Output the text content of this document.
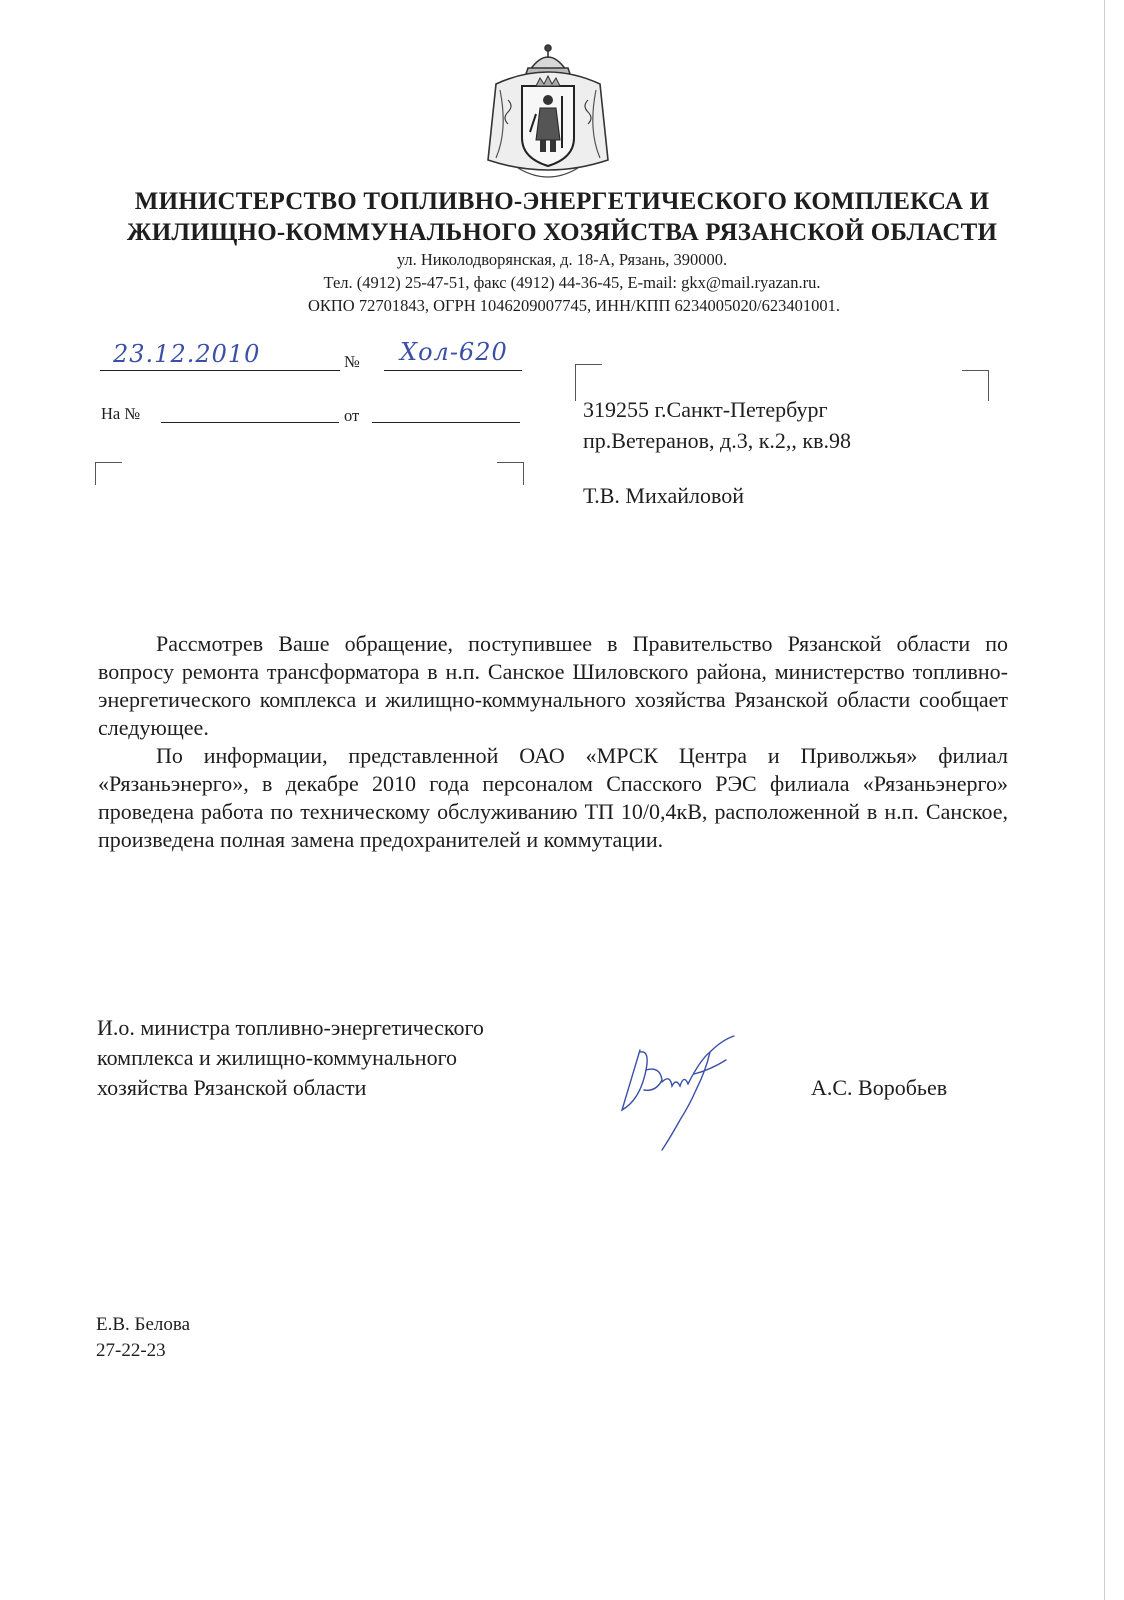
МИНИСТЕРСТВО ТОПЛИВНО-ЭНЕРГЕТИЧЕСКОГО КОМПЛЕКСА И
ЖИЛИЩНО-КОММУНАЛЬНОГО ХОЗЯЙСТВА РЯЗАНСКОЙ ОБЛАСТИ
ул. Николодворянская, д. 18-А, Рязань, 390000.
Тел. (4912) 25-47-51, факс (4912) 44-36-45, E-mail: gkx@mail.ryazan.ru.
ОКПО 72701843, ОГРН 1046209007745, ИНН/КПП 6234005020/623401001.
23.12.2010	№ Хол-620
На №	от	319255 г.Санкт-Петербург
пр.Ветеранов, д.3, к.2,, кв.98
Т.В. Михайловой

Рассмотрев Ваше обращение, поступившее в Правительство Рязанской области по вопросу ремонта трансформатора в н.п. Санское Шиловского района, министерство топливно-энергетического комплекса и жилищно-коммунального хозяйства Рязанской области сообщает следующее.

По информации, представленной ОАО «МРСК Центра и Приволжья» филиал «Рязаньэнерго», в декабре 2010 года персоналом Спасского РЭС филиала «Рязаньэнерго» проведена работа по техническому обслуживанию ТП 10/0,4кВ, расположенной в н.п. Санское, произведена полная замена предохранителей и коммутации.

И.о. министра топливно-энергетического
комплекса и жилищно-коммунального
хозяйства Рязанской области	А.С. Воробьев
Е.В. Белова
27-22-23
